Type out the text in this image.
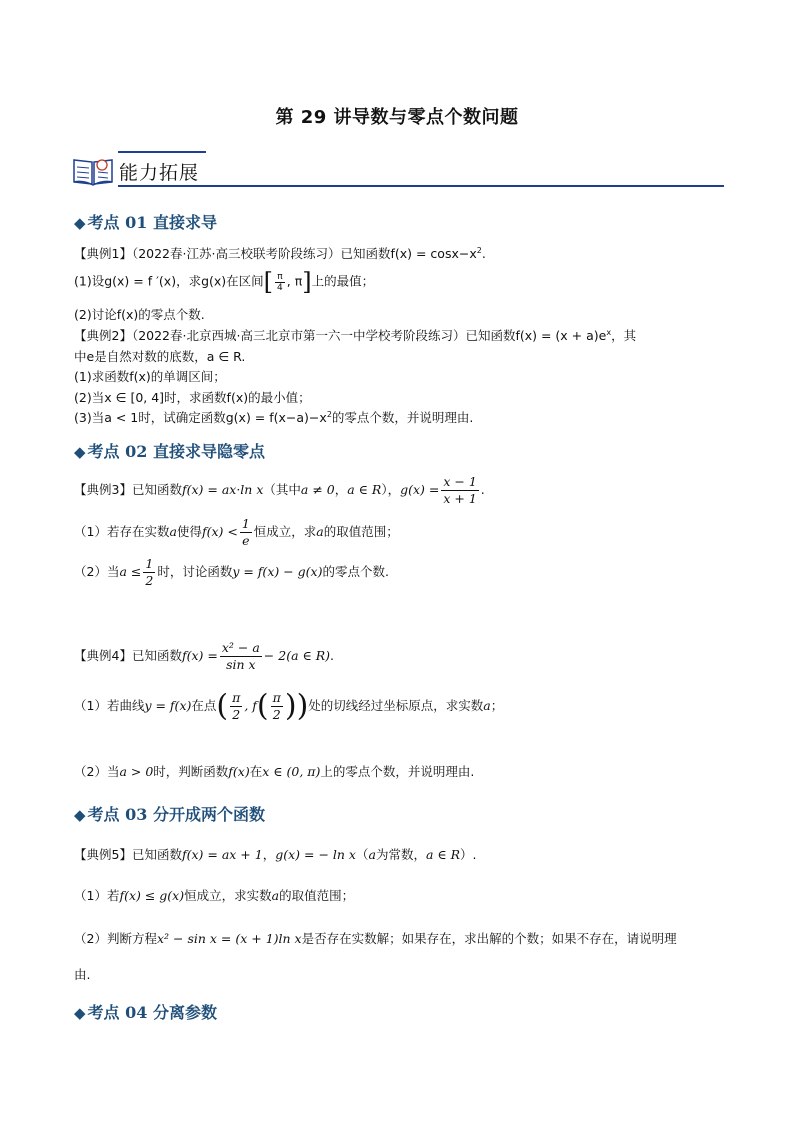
第 29 讲导数与零点个数问题
能力拓展
◆ 考点 01 直接求导
【典例1】（2022春·江苏·高三校联考阶段练习）已知函数$f(x) = \cos x-x^2$.
(1)设g(x) = f ′(x)，求g(x)在区间[ $\frac{\pi}{4}$ , π]上的最值；
(2)讨论f(x)的零点个数.
【典例2】（2022春·北京西城·高三北京市第一六一中学校考阶段练习）已知函数$f(x) = (x + a)e^x$，其
中e是自然对数的底数，a ∈ R.
(1)求函数f(x)的单调区间；
(2)当x ∈ [0, 4]时，求函数f(x)的最小值；
(3)当a < 1时，试确定函数$g(x) = f(x-a)-x^2$的零点个数，并说明理由.
◆ 考点 02 直接求导隐零点
【典例3】已知函数f(x) = ax·ln x（其中a ≠ 0，a ∈ R），$g(x) = \frac{x - 1}{x + 1}$ .
（1）若存在实数a使得$f(x) < \frac{1}{e}$ 恒成立，求a的取值范围；
（2）当$a \le \frac{1}{2}$ 时，讨论函数y = f(x) − g(x)的零点个数.
【典例4】已知函数$f(x) = \frac{\text{x² − a}}{\text{sin x}} - 2(a$ ∈ R).
（1）若曲线y = f(x)在点( $\frac{\pi}{2}$ , $f( \frac{\pi}{2}$ ))处的切线经过坐标原点，求实数a；
（2）当a > 0时，判断函数f(x)在x ∈ (0, π)上的零点个数，并说明理由.
◆ 考点 03 分开成两个函数
【典例5】已知函数f(x) = ax + 1，g(x) = − ln x（a为常数，a ∈ R）.
（1）若f(x) ≤ g(x)恒成立，求实数a的取值范围；
（2）判断方程x² − sin x = (x + 1)ln x是否存在实数解；如果存在，求出解的个数；如果不存在，请说明理
由.
◆ 考点 04 分离参数
